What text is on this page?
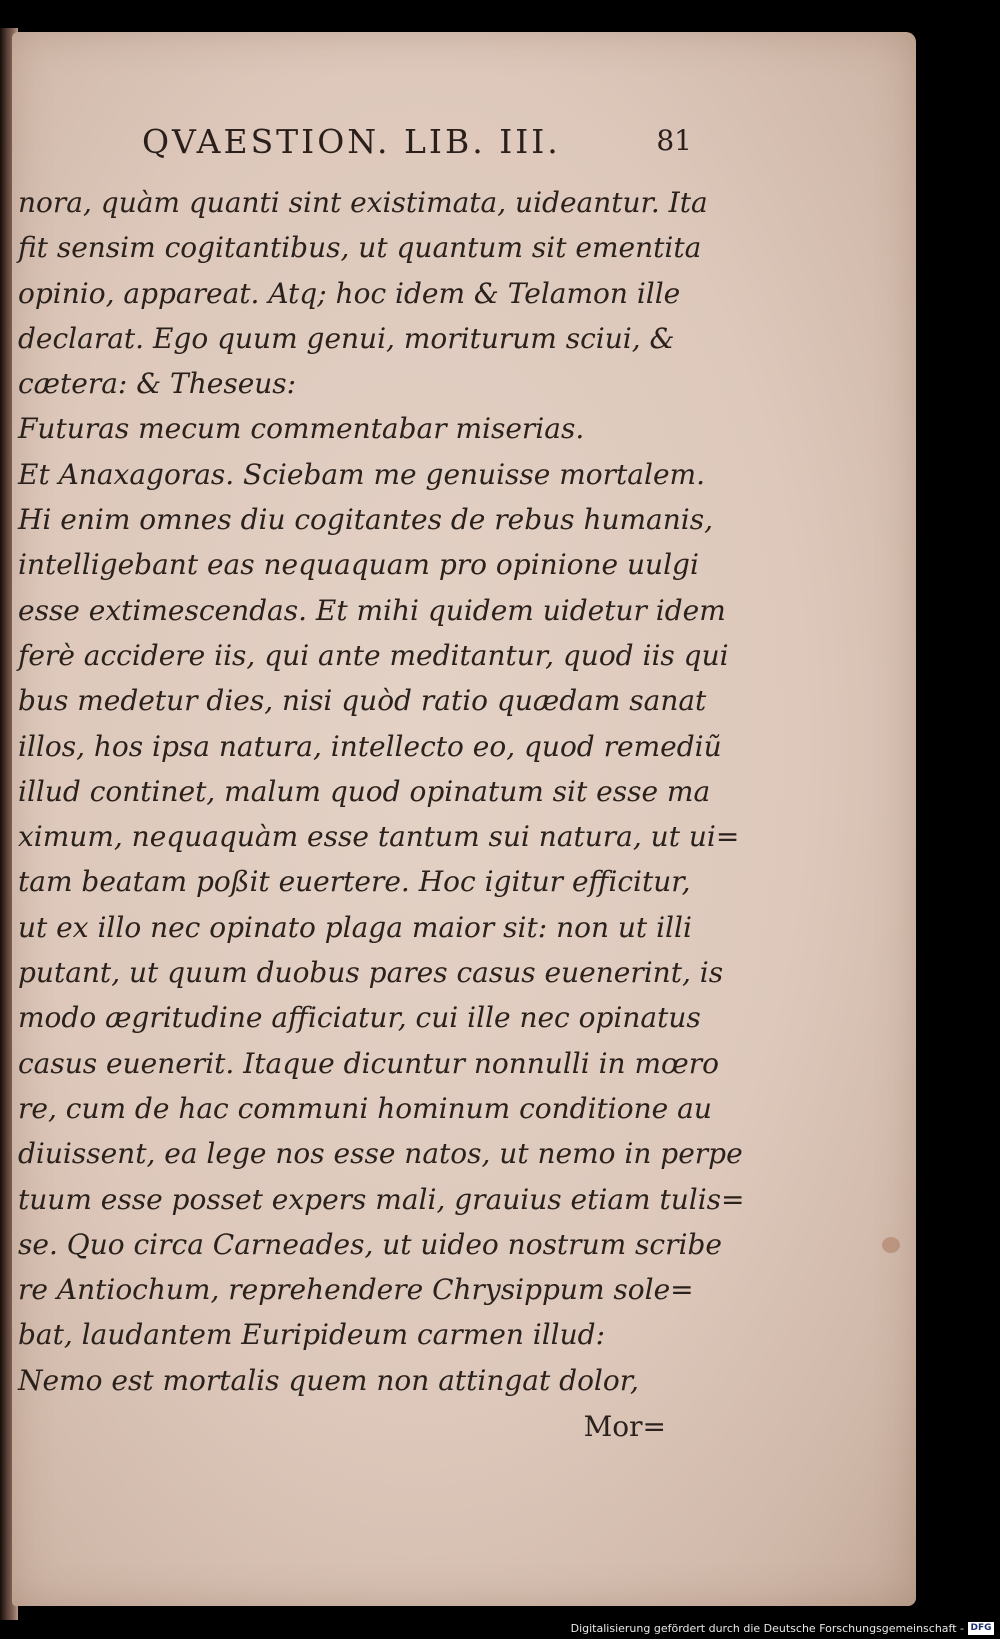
QVAESTION. LIB. III.	81
nora, quàm quanti sint existimata, uideantur. Ita
fit sensim cogitantibus, ut quantum sit ementita
opinio, appareat. Atq; hoc idem & Telamon ille
declarat. Ego quum genui, moriturum sciui, &
cætera: & Theseus:
Futuras mecum commentabar miserias.
Et Anaxagoras. Sciebam me genuisse mortalem.
Hi enim omnes diu cogitantes de rebus humanis,
intelligebant eas nequaquam pro opinione uulgi
esse extimescendas. Et mihi quidem uidetur idem
ferè accidere iis, qui ante meditantur, quod iis qui
bus medetur dies, nisi quòd ratio quædam sanat
illos, hos ipsa natura, intellecto eo, quod remediũ
illud continet, malum quod opinatum sit esse ma
ximum, nequaquàm esse tantum sui natura, ut ui=
tam beatam poßit euertere. Hoc igitur efficitur,
ut ex illo nec opinato plaga maior sit: non ut illi
putant, ut quum duobus pares casus euenerint, is
modo ægritudine afficiatur, cui ille nec opinatus
casus euenerit. Itaque dicuntur nonnulli in mœro
re, cum de hac communi hominum conditione au
diuissent, ea lege nos esse natos, ut nemo in perpe
tuum esse posset expers mali, grauius etiam tulis=
se. Quo circa Carneades, ut uideo nostrum scribe
re Antiochum, reprehendere Chrysippum sole=
bat, laudantem Euripideum carmen illud:
Nemo est mortalis quem non attingat dolor,
Mor=
Digitalisierung gefördert durch die Deutsche Forschungsgemeinschaft - DFG
